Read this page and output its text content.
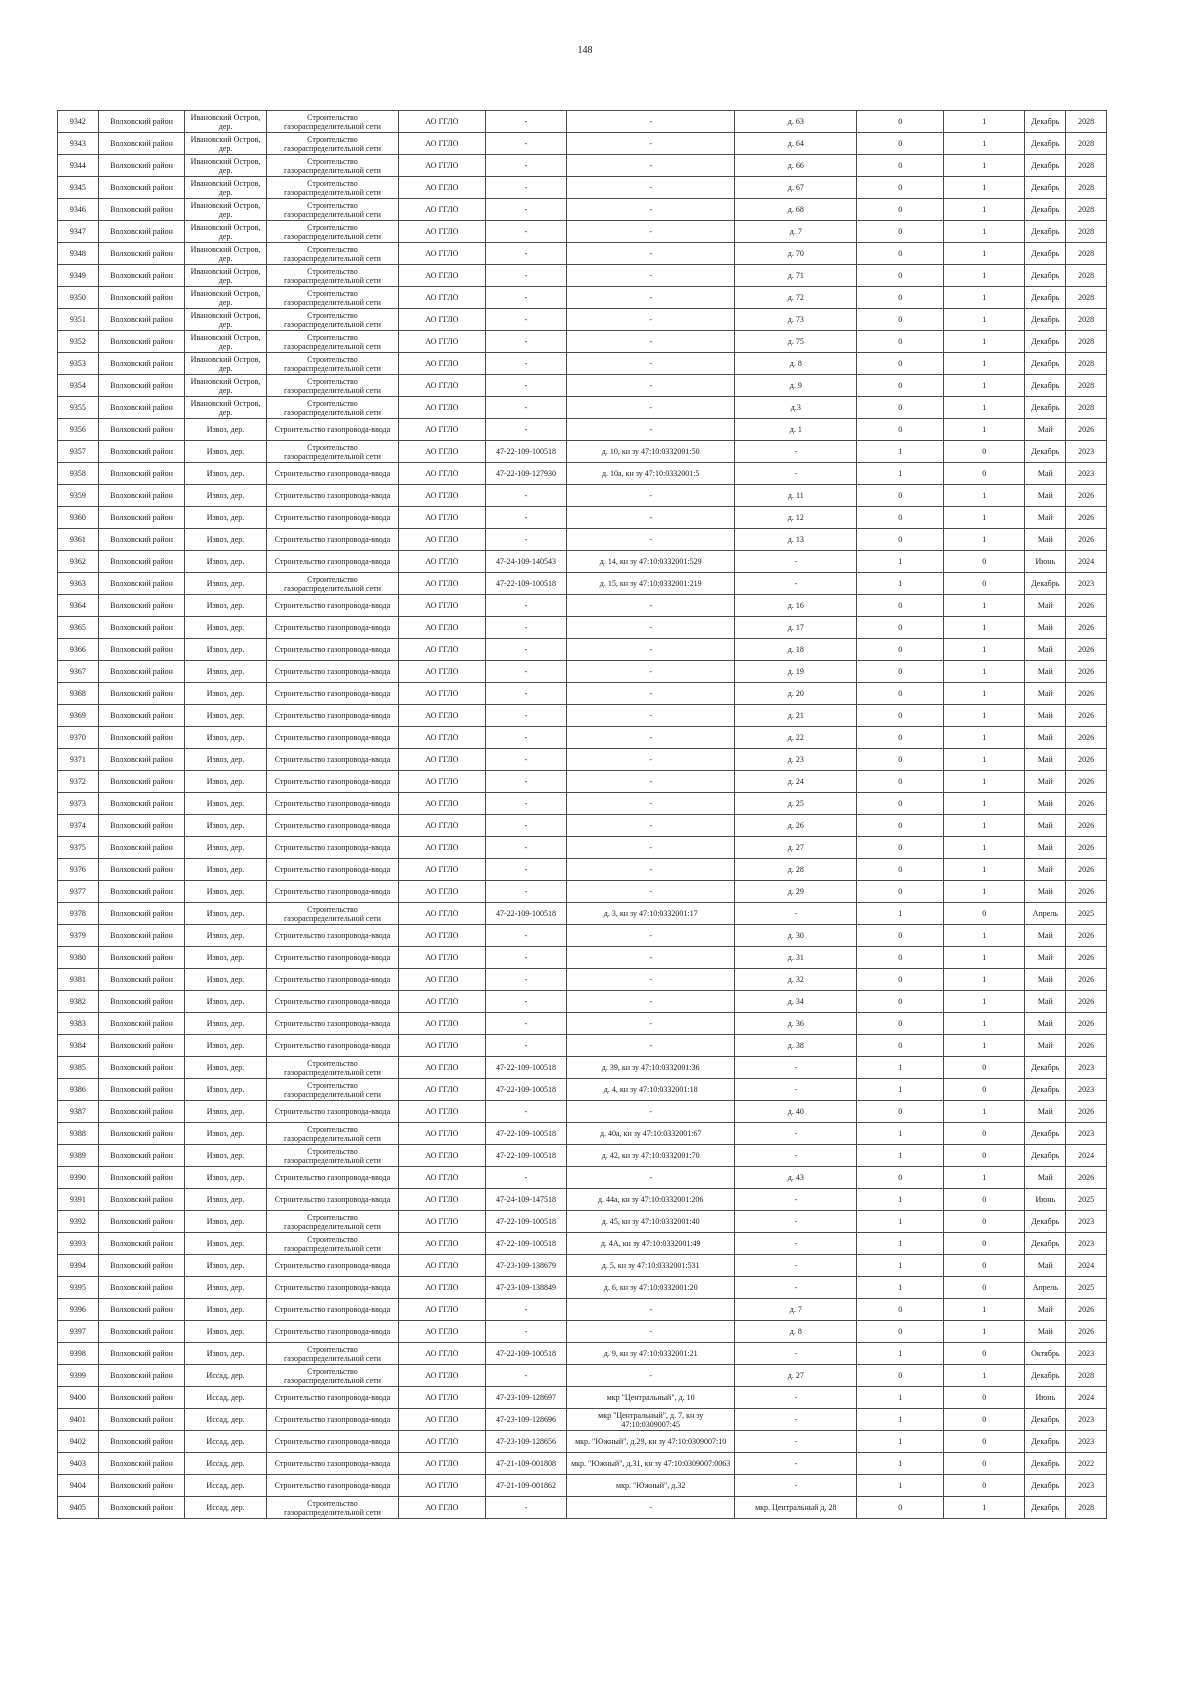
148
9342	Волховский район	Ивановский Остров, дер.	Строительство газораспределительной сети	АО ГГЛО	-	-	д. 63	0	1	Декабрь	2028
9343	Волховский район	Ивановский Остров, дер.	Строительство газораспределительной сети	АО ГГЛО	-	-	д. 64	0	1	Декабрь	2028
9344	Волховский район	Ивановский Остров, дер.	Строительство газораспределительной сети	АО ГГЛО	-	-	д. 66	0	1	Декабрь	2028
9345	Волховский район	Ивановский Остров, дер.	Строительство газораспределительной сети	АО ГГЛО	-	-	д. 67	0	1	Декабрь	2028
9346	Волховский район	Ивановский Остров, дер.	Строительство газораспределительной сети	АО ГГЛО	-	-	д. 68	0	1	Декабрь	2028
9347	Волховский район	Ивановский Остров, дер.	Строительство газораспределительной сети	АО ГГЛО	-	-	д. 7	0	1	Декабрь	2028
9348	Волховский район	Ивановский Остров, дер.	Строительство газораспределительной сети	АО ГГЛО	-	-	д. 70	0	1	Декабрь	2028
9349	Волховский район	Ивановский Остров, дер.	Строительство газораспределительной сети	АО ГГЛО	-	-	д. 71	0	1	Декабрь	2028
9350	Волховский район	Ивановский Остров, дер.	Строительство газораспределительной сети	АО ГГЛО	-	-	д. 72	0	1	Декабрь	2028
9351	Волховский район	Ивановский Остров, дер.	Строительство газораспределительной сети	АО ГГЛО	-	-	д. 73	0	1	Декабрь	2028
9352	Волховский район	Ивановский Остров, дер.	Строительство газораспределительной сети	АО ГГЛО	-	-	д. 75	0	1	Декабрь	2028
9353	Волховский район	Ивановский Остров, дер.	Строительство газораспределительной сети	АО ГГЛО	-	-	д. 8	0	1	Декабрь	2028
9354	Волховский район	Ивановский Остров, дер.	Строительство газораспределительной сети	АО ГГЛО	-	-	д. 9	0	1	Декабрь	2028
9355	Волховский район	Ивановский Остров, дер.	Строительство газораспределительной сети	АО ГГЛО	-	-	д.3	0	1	Декабрь	2028
9356	Волховский район	Извоз, дер.	Строительство газопровода-ввода	АО ГГЛО	-	-	д. 1	0	1	Май	2026
9357	Волховский район	Извоз, дер.	Строительство газораспределительной сети	АО ГГЛО	47-22-109-100518	д. 10, кн зу 47:10:0332001:50	-	1	0	Декабрь	2023
9358	Волховский район	Извоз, дер.	Строительство газопровода-ввода	АО ГГЛО	47-22-109-127930	д. 10а, кн зу 47:10:0332001:5	-	1	0	Май	2023
9359	Волховский район	Извоз, дер.	Строительство газопровода-ввода	АО ГГЛО	-	-	д. 11	0	1	Май	2026
9360	Волховский район	Извоз, дер.	Строительство газопровода-ввода	АО ГГЛО	-	-	д. 12	0	1	Май	2026
9361	Волховский район	Извоз, дер.	Строительство газопровода-ввода	АО ГГЛО	-	-	д. 13	0	1	Май	2026
9362	Волховский район	Извоз, дер.	Строительство газопровода-ввода	АО ГГЛО	47-24-109-140543	д. 14, кн зу 47:10:0332001:529	-	1	0	Июнь	2024
9363	Волховский район	Извоз, дер.	Строительство газораспределительной сети	АО ГГЛО	47-22-109-100518	д. 15, кн зу 47:10:0332001:219	-	1	0	Декабрь	2023
9364	Волховский район	Извоз, дер.	Строительство газопровода-ввода	АО ГГЛО	-	-	д. 16	0	1	Май	2026
9365	Волховский район	Извоз, дер.	Строительство газопровода-ввода	АО ГГЛО	-	-	д. 17	0	1	Май	2026
9366	Волховский район	Извоз, дер.	Строительство газопровода-ввода	АО ГГЛО	-	-	д. 18	0	1	Май	2026
9367	Волховский район	Извоз, дер.	Строительство газопровода-ввода	АО ГГЛО	-	-	д. 19	0	1	Май	2026
9368	Волховский район	Извоз, дер.	Строительство газопровода-ввода	АО ГГЛО	-	-	д. 20	0	1	Май	2026
9369	Волховский район	Извоз, дер.	Строительство газопровода-ввода	АО ГГЛО	-	-	д. 21	0	1	Май	2026
9370	Волховский район	Извоз, дер.	Строительство газопровода-ввода	АО ГГЛО	-	-	д. 22	0	1	Май	2026
9371	Волховский район	Извоз, дер.	Строительство газопровода-ввода	АО ГГЛО	-	-	д. 23	0	1	Май	2026
9372	Волховский район	Извоз, дер.	Строительство газопровода-ввода	АО ГГЛО	-	-	д. 24	0	1	Май	2026
9373	Волховский район	Извоз, дер.	Строительство газопровода-ввода	АО ГГЛО	-	-	д. 25	0	1	Май	2026
9374	Волховский район	Извоз, дер.	Строительство газопровода-ввода	АО ГГЛО	-	-	д. 26	0	1	Май	2026
9375	Волховский район	Извоз, дер.	Строительство газопровода-ввода	АО ГГЛО	-	-	д. 27	0	1	Май	2026
9376	Волховский район	Извоз, дер.	Строительство газопровода-ввода	АО ГГЛО	-	-	д. 28	0	1	Май	2026
9377	Волховский район	Извоз, дер.	Строительство газопровода-ввода	АО ГГЛО	-	-	д. 29	0	1	Май	2026
9378	Волховский район	Извоз, дер.	Строительство газораспределительной сети	АО ГГЛО	47-22-109-100518	д. 3, кн зу 47:10:0332001:17	-	1	0	Апрель	2025
9379	Волховский район	Извоз, дер.	Строительство газопровода-ввода	АО ГГЛО	-	-	д. 30	0	1	Май	2026
9380	Волховский район	Извоз, дер.	Строительство газопровода-ввода	АО ГГЛО	-	-	д. 31	0	1	Май	2026
9381	Волховский район	Извоз, дер.	Строительство газопровода-ввода	АО ГГЛО	-	-	д. 32	0	1	Май	2026
9382	Волховский район	Извоз, дер.	Строительство газопровода-ввода	АО ГГЛО	-	-	д. 34	0	1	Май	2026
9383	Волховский район	Извоз, дер.	Строительство газопровода-ввода	АО ГГЛО	-	-	д. 36	0	1	Май	2026
9384	Волховский район	Извоз, дер.	Строительство газопровода-ввода	АО ГГЛО	-	-	д. 38	0	1	Май	2026
9385	Волховский район	Извоз, дер.	Строительство газораспределительной сети	АО ГГЛО	47-22-109-100518	д. 39, кн зу 47:10:0332001:36	-	1	0	Декабрь	2023
9386	Волховский район	Извоз, дер.	Строительство газораспределительной сети	АО ГГЛО	47-22-109-100518	д. 4, кн зу 47:10:0332001:18	-	1	0	Декабрь	2023
9387	Волховский район	Извоз, дер.	Строительство газопровода-ввода	АО ГГЛО	-	-	д. 40	0	1	Май	2026
9388	Волховский район	Извоз, дер.	Строительство газораспределительной сети	АО ГГЛО	47-22-109-100518	д. 40а, кн зу 47:10:0332001:67	-	1	0	Декабрь	2023
9389	Волховский район	Извоз, дер.	Строительство газораспределительной сети	АО ГГЛО	47-22-109-100518	д. 42, кн зу 47:10:0332001:70	-	1	0	Декабрь	2024
9390	Волховский район	Извоз, дер.	Строительство газопровода-ввода	АО ГГЛО	-	-	д. 43	0	1	Май	2026
9391	Волховский район	Извоз, дер.	Строительство газопровода-ввода	АО ГГЛО	47-24-109-147518	д. 44а, кн зу 47:10:0332001:206	-	1	0	Июнь	2025
9392	Волховский район	Извоз, дер.	Строительство газораспределительной сети	АО ГГЛО	47-22-109-100518	д. 45, кн зу 47:10:0332001:40	-	1	0	Декабрь	2023
9393	Волховский район	Извоз, дер.	Строительство газораспределительной сети	АО ГГЛО	47-22-109-100518	д. 4А, кн зу 47:10:0332001:49	-	1	0	Декабрь	2023
9394	Волховский район	Извоз, дер.	Строительство газопровода-ввода	АО ГГЛО	47-23-109-138679	д. 5, кн зу 47:10:0332001:531	-	1	0	Май	2024
9395	Волховский район	Извоз, дер.	Строительство газопровода-ввода	АО ГГЛО	47-23-109-138849	д. 6, кн зу 47:10:0332001:20	-	1	0	Апрель	2025
9396	Волховский район	Извоз, дер.	Строительство газопровода-ввода	АО ГГЛО	-	-	д. 7	0	1	Май	2026
9397	Волховский район	Извоз, дер.	Строительство газопровода-ввода	АО ГГЛО	-	-	д. 8	0	1	Май	2026
9398	Волховский район	Извоз, дер.	Строительство газораспределительной сети	АО ГГЛО	47-22-109-100518	д. 9, кн зу 47:10:0332001:21	-	1	0	Октябрь	2023
9399	Волховский район	Иссад, дер.	Строительство газораспределительной сети	АО ГГЛО	-	-	д. 27	0	1	Декабрь	2028
9400	Волховский район	Иссад, дер.	Строительство газопровода-ввода	АО ГГЛО	47-23-109-128697	мкр "Центральный", д. 10	-	1	0	Июнь	2024
9401	Волховский район	Иссад, дер.	Строительство газопровода-ввода	АО ГГЛО	47-23-109-128696	мкр "Центральный", д. 7, кн зу 47:10:0309007:45	-	1	0	Декабрь	2023
9402	Волховский район	Иссад, дер.	Строительство газопровода-ввода	АО ГГЛО	47-23-109-128656	мкр. "Южный", д.29, кн зу 47:10:0309007:10	-	1	0	Декабрь	2023
9403	Волховский район	Иссад, дер.	Строительство газопровода-ввода	АО ГГЛО	47-21-109-001808	мкр. "Южный", д.31, кн зу 47:10:0309007:0063	-	1	0	Декабрь	2022
9404	Волховский район	Иссад, дер.	Строительство газопровода-ввода	АО ГГЛО	47-21-109-001862	мкр. "Южный", д.32	-	1	0	Декабрь	2023
9405	Волховский район	Иссад, дер.	Строительство газораспределительной сети	АО ГГЛО	-	-	мкр. Центральный д. 28	0	1	Декабрь	2028
